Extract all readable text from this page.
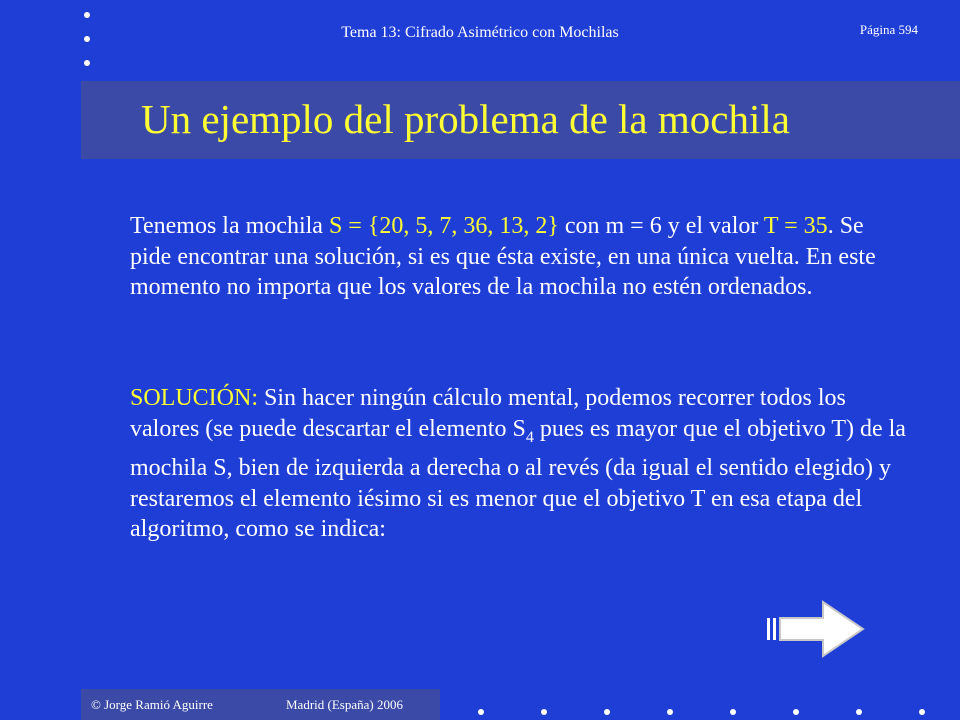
Tema 13: Cifrado Asimétrico con Mochilas	Página 594
Un ejemplo del problema de la mochila

Tenemos la mochila S = {20, 5, 7, 36, 13, 2} con m = 6 y el valor T = 35. Se pide encontrar una solución, si es que ésta existe, en una única vuelta. En este momento no importa que los valores de la mochila no estén ordenados.

SOLUCIÓN: Sin hacer ningún cálculo mental, podemos recorrer todos los valores (se puede descartar el elemento $S_4$ pues es mayor que el objetivo T) de la mochila S, bien de izquierda a derecha o al revés (da igual el sentido elegido) y restaremos el elemento iésimo si es menor que el objetivo T en esa etapa del algoritmo, como se indica:

© Jorge Ramió Aguirre	Madrid (España) 2006
